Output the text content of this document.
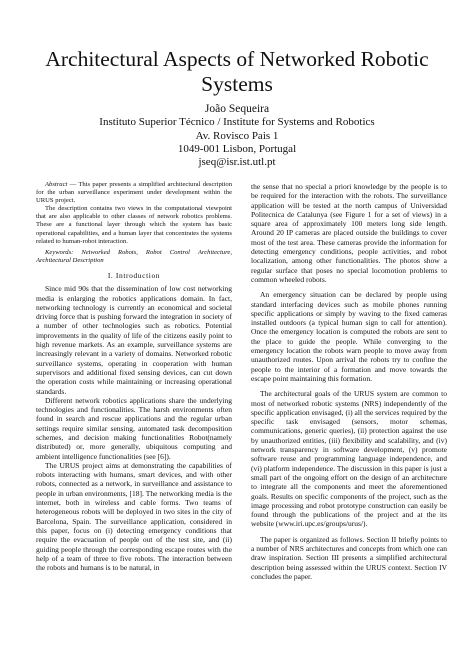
Architectural Aspects of Networked Robotic Systems
João Sequeira
Instituto Superior Técnico / Institute for Systems and Robotics
Av. Rovisco Pais 1
1049-001 Lisbon, Portugal
jseq@isr.ist.utl.pt

Abstract — This paper presents a simplified architectural description for the urban surveillance experiment under development within the URUS project.

The description contains two views in the computational viewpoint that are also applicable to other classes of network robotics problems. These are a functional layer through which the system has basic operational capabilities, and a human layer that concentrates the systems related to human-robot interaction.

Keywords: Networked Robots, Robot Control Architecture, Architectural Description

I. Introduction

Since mid 90s that the dissemination of low cost networking media is enlarging the robotics applications domain. In fact, networking technology is currently an economical and societal driving force that is pushing forward the integration in society of a number of other technologies such as robotics. Potential improvements in the quality of life of the citizens easily point to high revenue markets. As an example, surveillance systems are increasingly relevant in a variety of domains. Networked robotic surveillance systems, operating in cooperation with human supervisors and additional fixed sensing devices, can cut down the operation costs while maintaining or increasing operational standards.

Different network robotics applications share the underlying technologies and functionalities. The harsh environments often found in search and rescue applications and the regular urban settings require similar sensing, automated task decomposition schemes, and decision making functionalities Robot(namely distributed) or, more generally, ubiquitous computing and ambient intelligence functionalities (see [6]).

The URUS project aims at demonstrating the capabilities of robots interacting with humans, smart devices, and with other robots, connected as a network, in surveillance and assistance to people in urban environments, [18]. The networking media is the internet, both in wireless and cable forms. Two teams of heterogeneous robots will be deployed in two sites in the city of Barcelona, Spain. The surveillance application, considered in this paper, focus on (i) detecting emergency conditions that require the evacuation of people out of the test site, and (ii) guiding people through the corresponding escape routes with the help of a team of three to five robots. The interaction between the robots and humans is to be natural, in

the sense that no special a priori knowledge by the people is to be required for the interaction with the robots. The surveillance application will be tested at the north campus of Universidad Politecnica de Catalunya (see Figure 1 for a set of views) in a square area of approximately 100 meters long side length. Around 20 IP cameras are placed outside the buildings to cover most of the test area. These cameras provide the information for detecting emergency conditions, people activities, and robot localization, among other functionalities. The photos show a regular surface that poses no special locomotion problems to common wheeled robots.

An emergency situation can be declared by people using standard interfacing devices such as mobile phones running specific applications or simply by waving to the fixed cameras installed outdoors (a typical human sign to call for attention). Once the emergency location is computed the robots are sent to the place to guide the people. While converging to the emergency location the robots warn people to move away from unauthorized routes. Upon arrival the robots try to confine the people to the interior of a formation and move towards the escape point maintaining this formation.

The architectural goals of the URUS system are common to most of networked robotic systems (NRS) independently of the specific application envisaged, (i) all the services required by the specific task envisaged (sensors, motor schemas, communications, generic queries), (ii) protection against the use by unauthorized entities, (iii) flexibility and scalability, and (iv) network transparency in software development, (v) promote software reuse and programming language independence, and (vi) platform independence. The discussion in this paper is just a small part of the ongoing effort on the design of an architecture to integrate all the components and meet the aforementioned goals. Results on specific components of the project, such as the image processing and robot prototype construction can easily be found through the publications of the project and at the its website (www.iri.upc.es/groups/urus/).

The paper is organized as follows. Section II briefly points to a number of NRS architectures and concepts from which one can draw inspiration. Section III presents a simplified architectural description being assessed within the URUS context. Section IV concludes the paper.
